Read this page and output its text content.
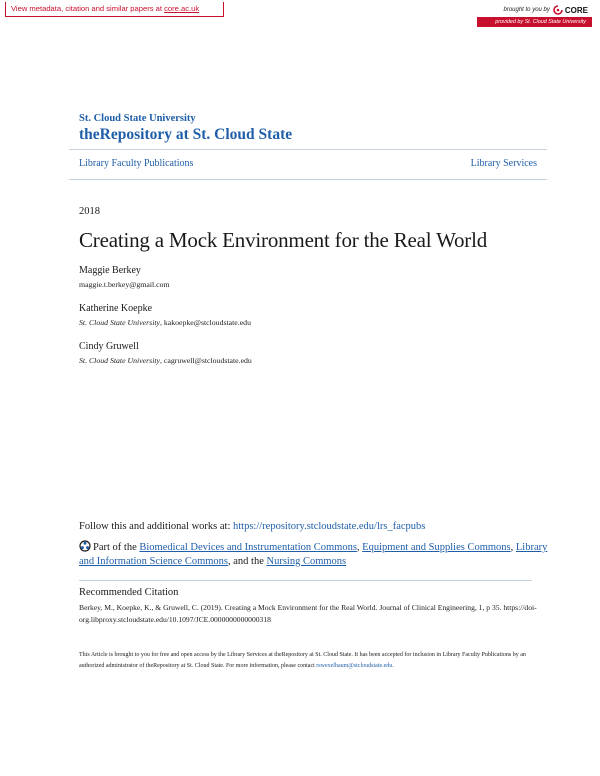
View metadata, citation and similar papers at core.ac.uk	brought to you by CORE
provided by St. Cloud State University
St. Cloud State University
theRepository at St. Cloud State
Library Faculty Publications	Library Services
2018
Creating a Mock Environment for the Real World
Maggie Berkey
maggie.t.berkey@gmail.com
Katherine Koepke
St. Cloud State University, kakoepke@stcloudstate.edu
Cindy Gruwell
St. Cloud State University, cagruwell@stcloudstate.edu
Follow this and additional works at: https://repository.stcloudstate.edu/lrs_facpubs
Part of the Biomedical Devices and Instrumentation Commons, Equipment and Supplies Commons, Library and Information Science Commons, and the Nursing Commons
Recommended Citation
Berkey, M., Koepke, K., & Gruwell, C. (2019). Creating a Mock Environment for the Real World. Journal of Clinical Engineering, 1, p 35. https://doi-org.libproxy.stcloudstate.edu/10.1097/JCE.0000000000000318
This Article is brought to you for free and open access by the Library Services at theRepository at St. Cloud State. It has been accepted for inclusion in Library Faculty Publications by an authorized administrator of theRepository at St. Cloud State. For more information, please contact rswexelbaum@stcloudstate.edu.
